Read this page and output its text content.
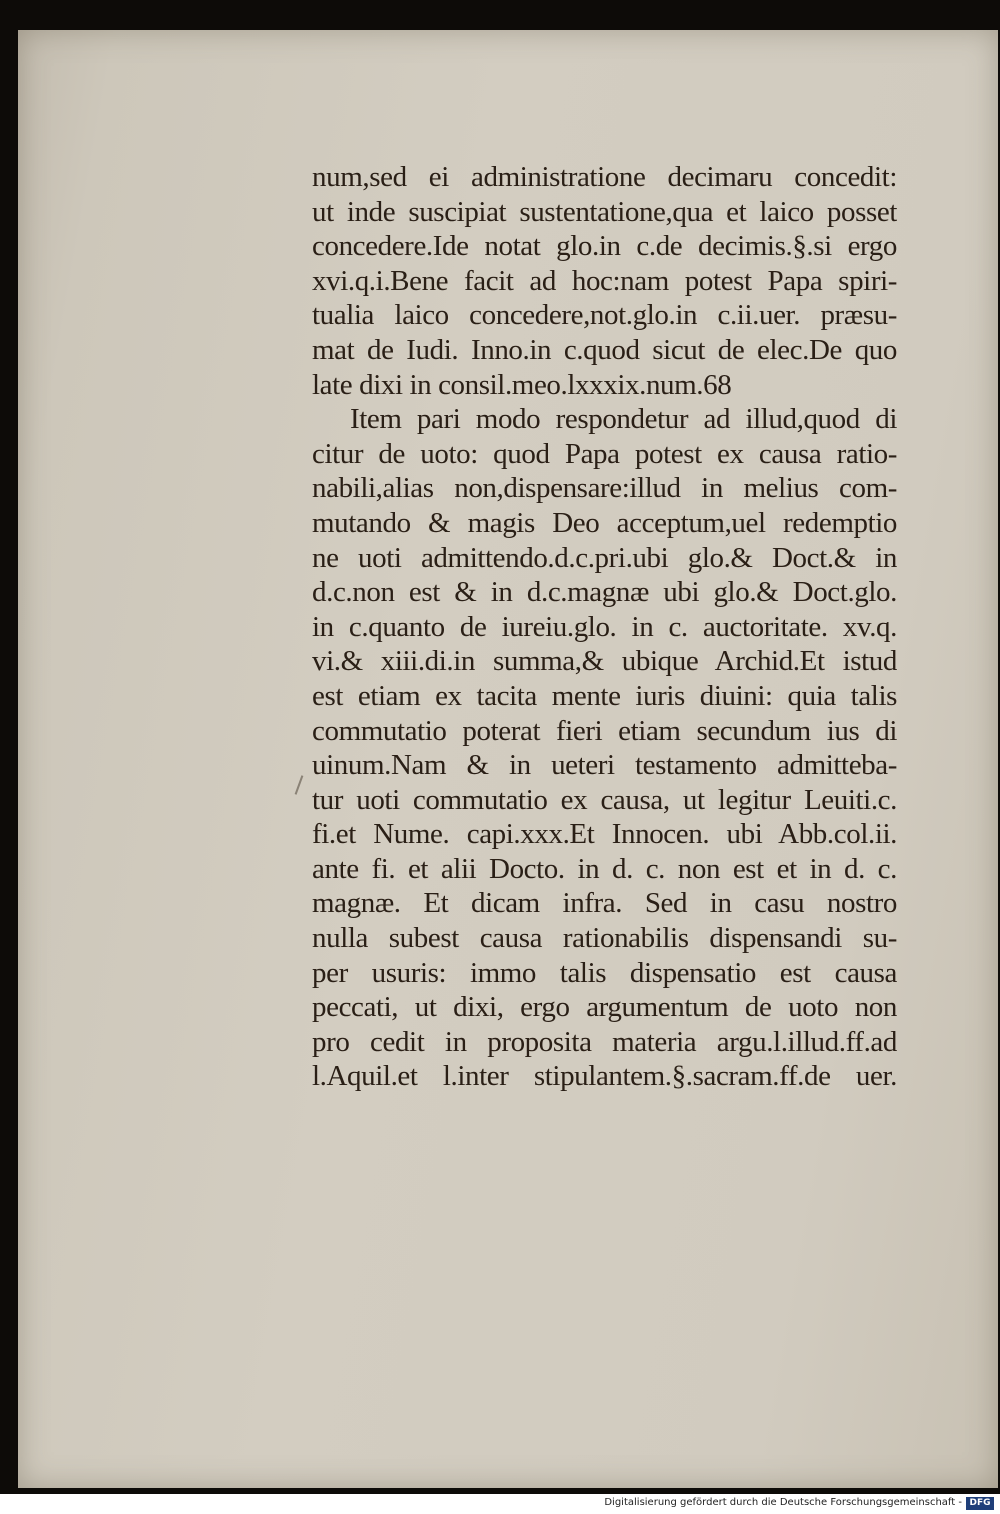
num,sed ei administratione decimaru concedit:
ut inde suscipiat sustentatione,qua et laico posset
concedere.Ide notat glo.in c.de decimis.§.si ergo
xvi.q.i.Bene facit ad hoc:nam potest Papa spiri-
tualia laico concedere,not.glo.in c.ii.uer. præsu-
mat de Iudi. Inno.in c.quod sicut de elec.De quo
late dixi in consil.meo.lxxxix.num.68
Item pari modo respondetur ad illud,quod di
citur de uoto: quod Papa potest ex causa ratio-
nabili,alias non,dispensare:illud in melius com-
mutando & magis Deo acceptum,uel redemptio
ne uoti admittendo.d.c.pri.ubi glo.& Doct.& in
d.c.non est & in d.c.magnæ ubi glo.& Doct.glo.
in c.quanto de iureiu.glo. in c. auctoritate. xv.q.
vi.& xiii.di.in summa,& ubique Archid.Et istud
est etiam ex tacita mente iuris diuini: quia talis
commutatio poterat fieri etiam secundum ius di
uinum.Nam & in ueteri testamento admitteba-
tur uoti commutatio ex causa, ut legitur Leuiti.c.
fi.et Nume. capi.xxx.Et Innocen. ubi Abb.col.ii.
ante fi. et alii Docto. in d. c. non est et in d. c.
magnæ. Et dicam infra. Sed in casu nostro
nulla subest causa rationabilis dispensandi su-
per usuris: immo talis dispensatio est causa
peccati, ut dixi, ergo argumentum de uoto non
pro cedit in proposita materia argu.l.illud.ff.ad
l.Aquil.et l.inter stipulantem.§.sacram.ff.de uer.
Digitalisierung gefördert durch die Deutsche Forschungsgemeinschaft - DFG
